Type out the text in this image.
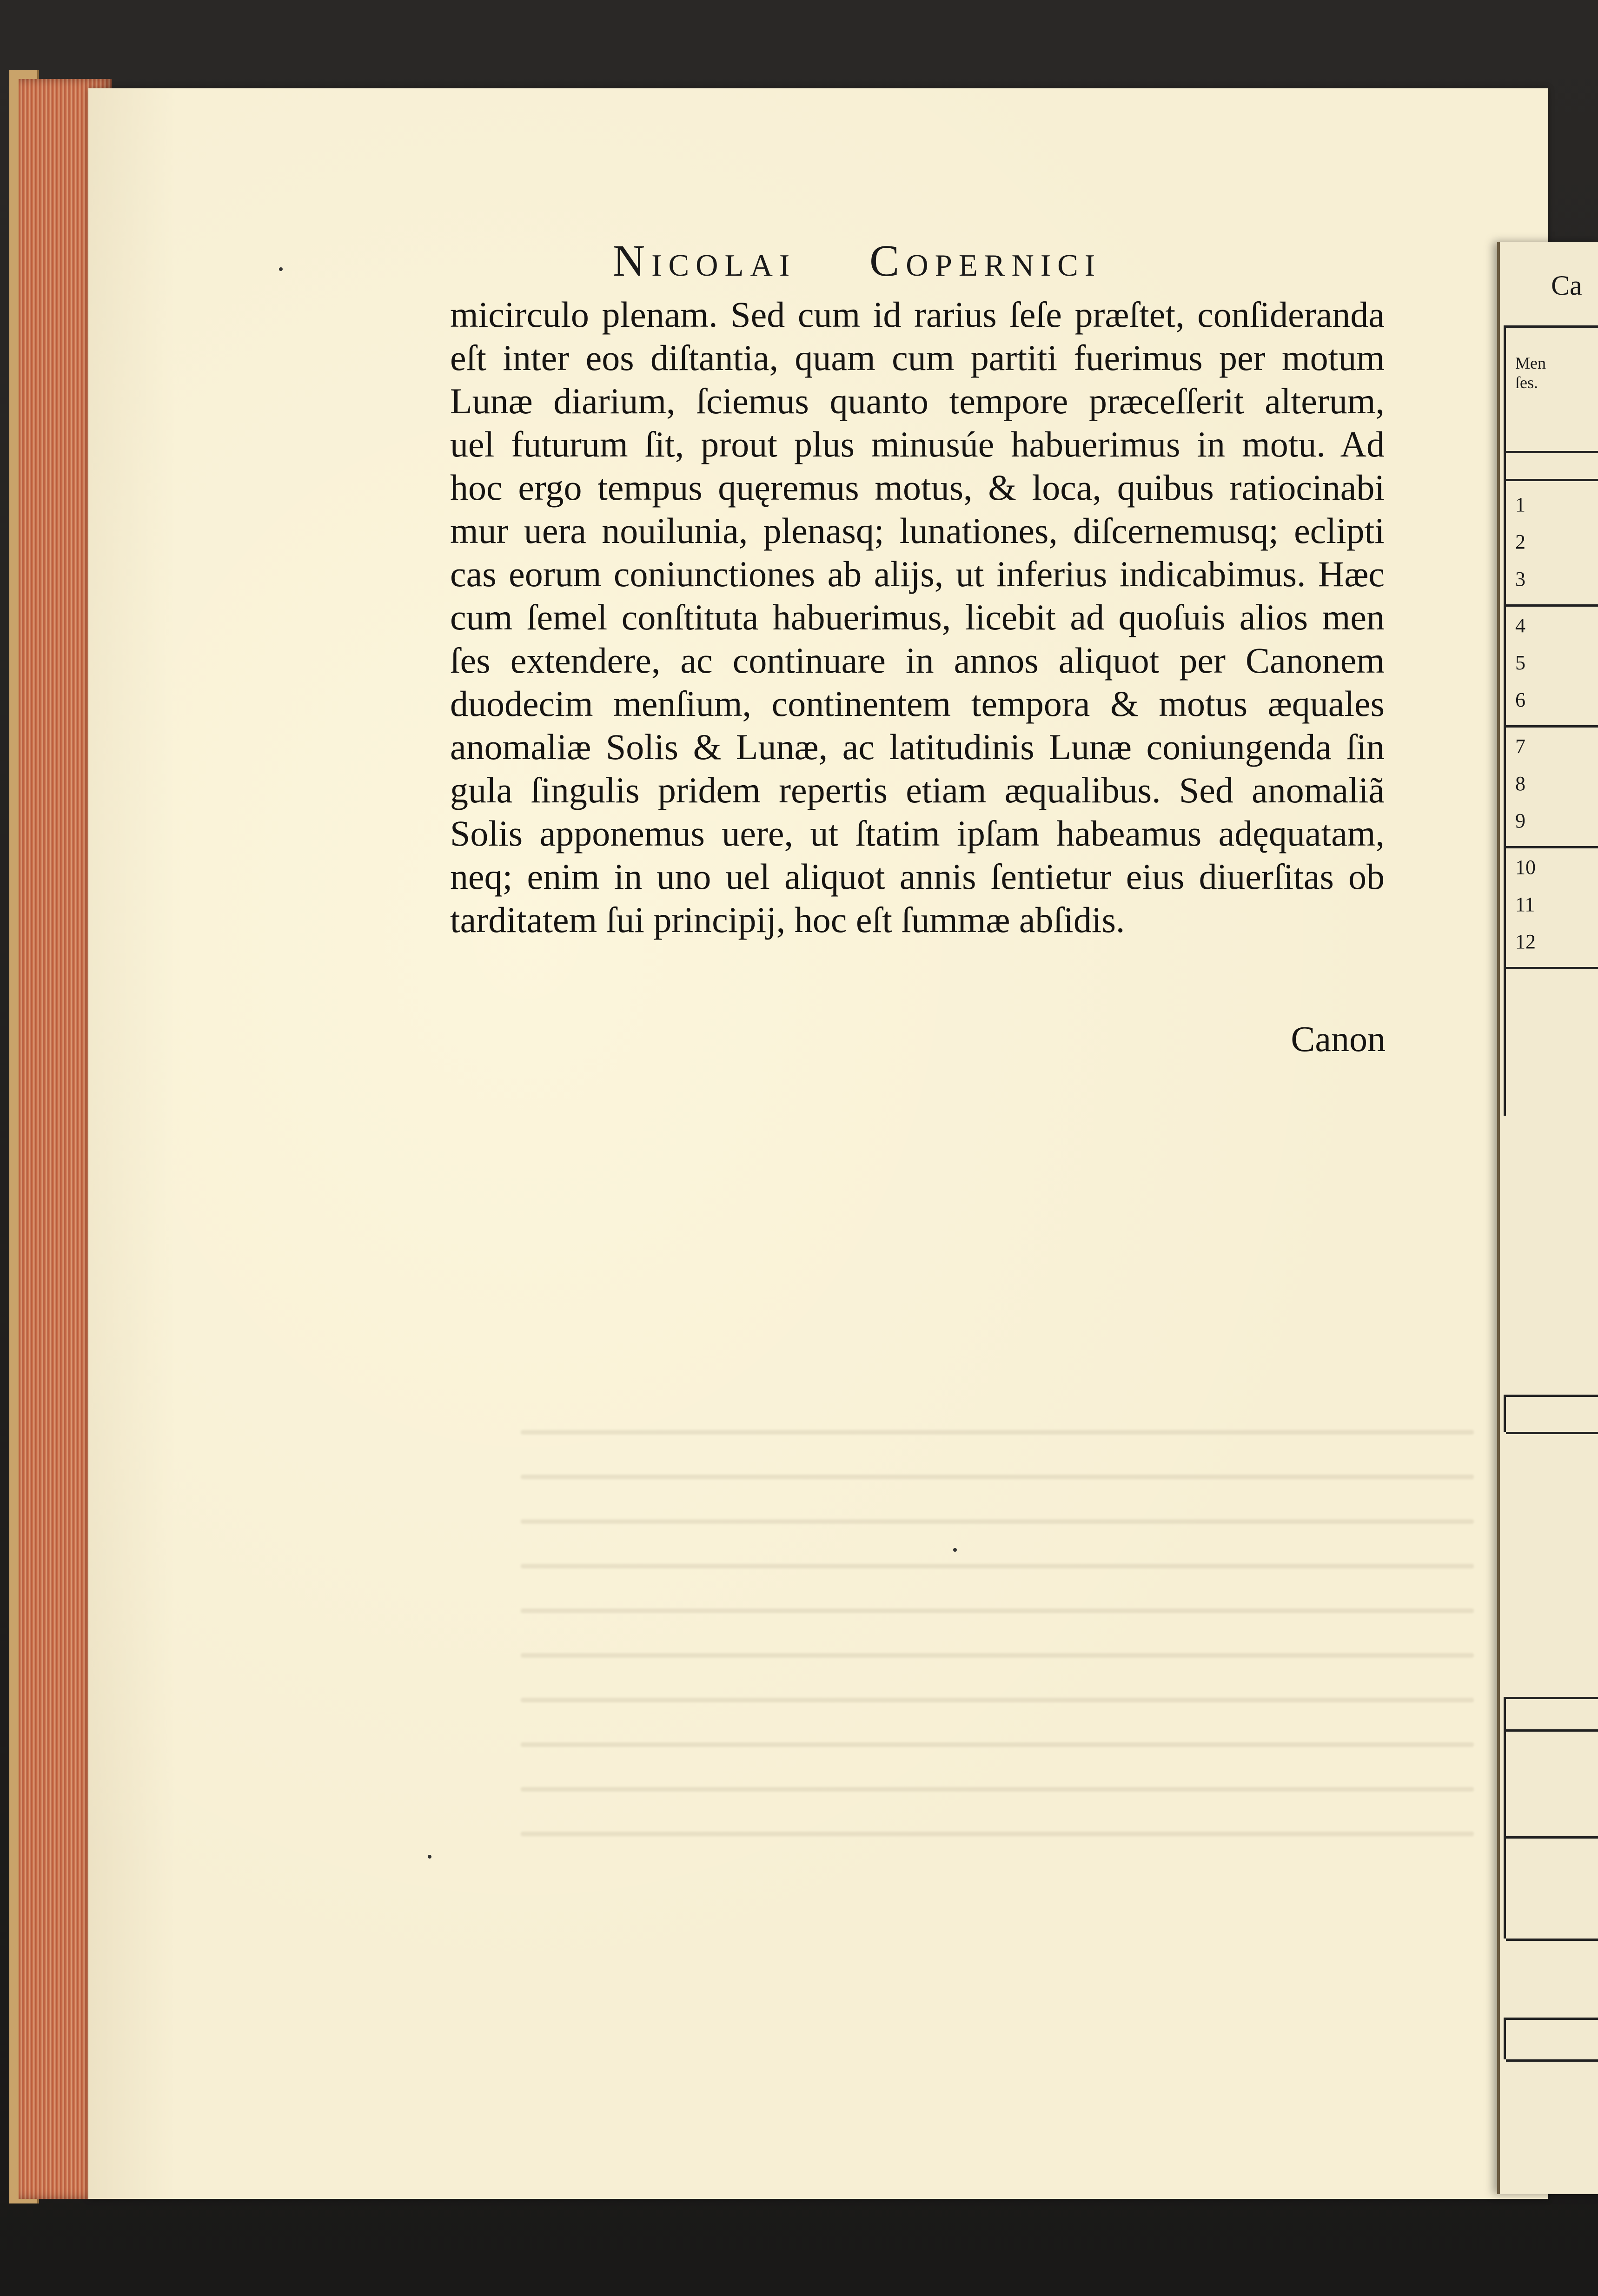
Ca
Men ſes.
1
2
3
4
5
6
7
8
9
10
11
12
Nicolai Copernici
micirculo plenam. Sed cum id rarius ſeſe præſtet, conſideranda
eſt inter eos diſtantia, quam cum partiti fuerimus per motum
Lunæ diarium, ſciemus quanto tempore præceſſerit alterum,
uel futurum ſit, prout plus minusúe habuerimus in motu. Ad
hoc ergo tempus quęremus motus, & loca, quibus ratiocinabi
mur uera nouilunia, plenasq; lunationes, diſcernemusq; eclipti
cas eorum coniunctiones ab alijs, ut inferius indicabimus. Hæc
cum ſemel conſtituta habuerimus, licebit ad quoſuis alios men
ſes extendere, ac continuare in annos aliquot per Canonem
duodecim menſium, continentem tempora & motus æquales
anomaliæ Solis & Lunæ, ac latitudinis Lunæ coniungenda ſin
gula ſingulis pridem repertis etiam æqualibus. Sed anomaliã
Solis apponemus uere, ut ſtatim ipſam habeamus adęquatam,
neq; enim in uno uel aliquot annis ſentietur eius diuerſitas ob
tarditatem ſui principij, hoc eſt ſummæ abſidis.
Canon
